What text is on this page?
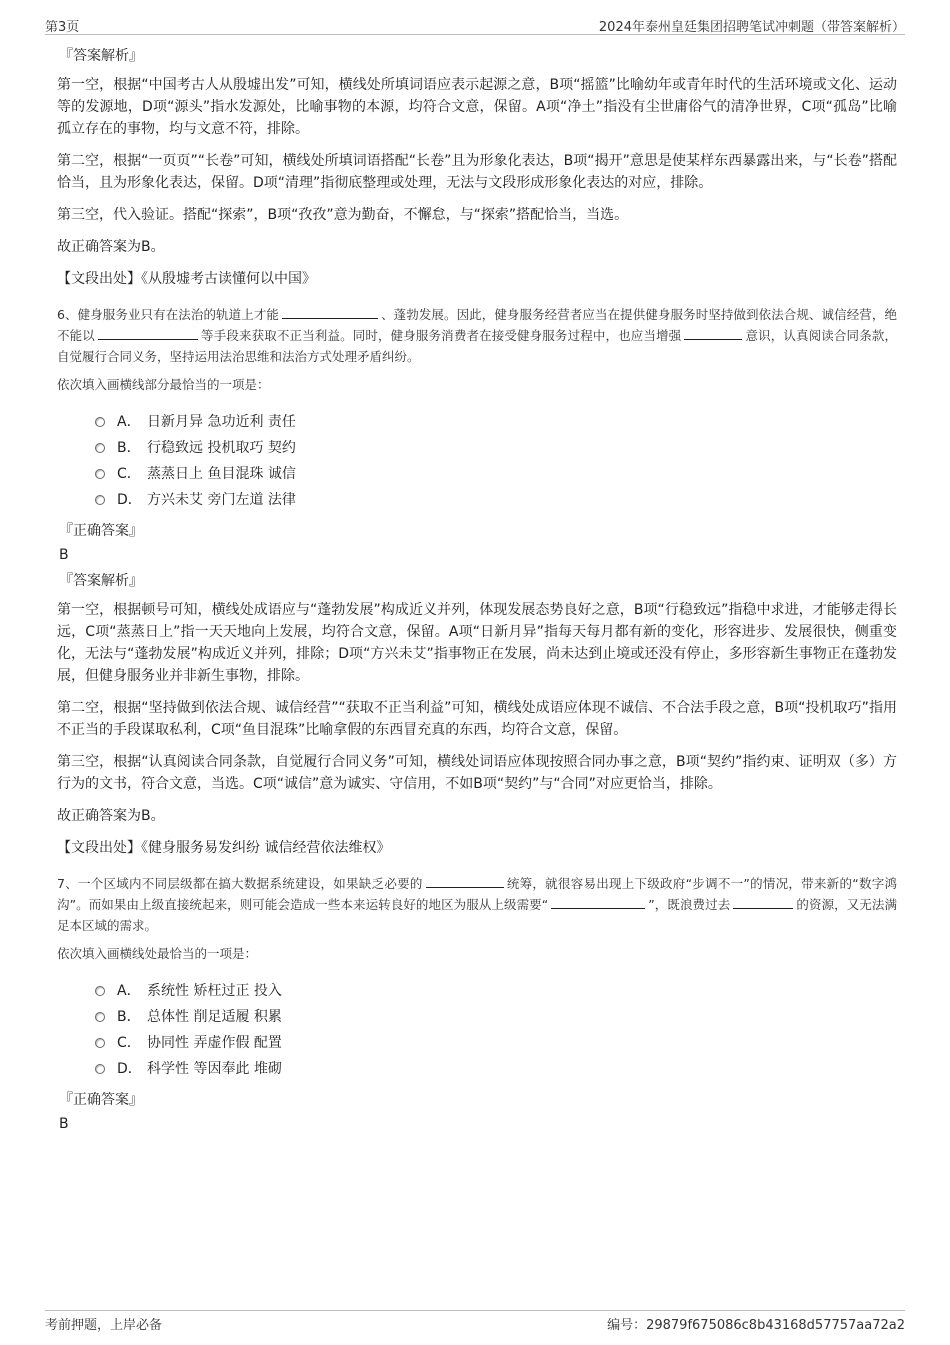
第3页	2024年泰州皇廷集团招聘笔试冲刺题（带答案解析）
『答案解析』

第一空，根据“中国考古人从殷墟出发”可知，横线处所填词语应表示起源之意，B项“摇篮”比喻幼年或青年时代的生活环境或文化、运动等的发源地，D项“源头”指水发源处，比喻事物的本源，均符合文意，保留。A项“净土”指没有尘世庸俗气的清净世界，C项“孤岛”比喻孤立存在的事物，均与文意不符，排除。

第二空，根据“一页页”“长卷”可知，横线处所填词语搭配“长卷”且为形象化表达，B项“揭开”意思是使某样东西暴露出来，与“长卷”搭配恰当，且为形象化表达，保留。D项“清理”指彻底整理或处理，无法与文段形成形象化表达的对应，排除。

第三空，代入验证。搭配“探索”，B项“孜孜”意为勤奋，不懈怠，与“探索”搭配恰当，当选。

故正确答案为B。

【文段出处】《从殷墟考古读懂何以中国》
6、健身服务业只有在法治的轨道上才能	、蓬勃发展。因此，健身服务经营者应当在提供健身服务时坚持做到依法合规、诚信经营，绝不能以	等手段来获取不正当利益。同时，健身服务消费者在接受健身服务过程中，也应当增强	意识，认真阅读合同条款，自觉履行合同义务，坚持运用法治思维和法治方式处理矛盾纠纷。
依次填入画横线部分最恰当的一项是：
A． 日新月异 急功近利 责任
B． 行稳致远 投机取巧 契约
C． 蒸蒸日上 鱼目混珠 诚信
D． 方兴未艾 旁门左道 法律
『正确答案』
B
『答案解析』

第一空，根据顿号可知，横线处成语应与“蓬勃发展”构成近义并列，体现发展态势良好之意，B项“行稳致远”指稳中求进，才能够走得长远，C项“蒸蒸日上”指一天天地向上发展，均符合文意，保留。A项“日新月异”指每天每月都有新的变化，形容进步、发展很快，侧重变化，无法与“蓬勃发展”构成近义并列，排除；D项“方兴未艾”指事物正在发展，尚未达到止境或还没有停止，多形容新生事物正在蓬勃发展，但健身服务业并非新生事物，排除。

第二空，根据“坚持做到依法合规、诚信经营”“获取不正当利益”可知，横线处成语应体现不诚信、不合法手段之意，B项“投机取巧”指用不正当的手段谋取私利，C项“鱼目混珠”比喻拿假的东西冒充真的东西，均符合文意，保留。

第三空，根据“认真阅读合同条款，自觉履行合同义务”可知，横线处词语应体现按照合同办事之意，B项“契约”指约束、证明双（多）方行为的文书，符合文意，当选。C项“诚信”意为诚实、守信用，不如B项“契约”与“合同”对应更恰当，排除。

故正确答案为B。

【文段出处】《健身服务易发纠纷 诚信经营依法维权》
7、一个区域内不同层级都在搞大数据系统建设，如果缺乏必要的	统筹，就很容易出现上下级政府“步调不一”的情况，带来新的“数字鸿沟”。而如果由上级直接统起来，则可能会造成一些本来运转良好的地区为服从上级需要“	”，既浪费过去	的资源，又无法满足本区域的需求。
依次填入画横线处最恰当的一项是：
A． 系统性 矫枉过正 投入
B． 总体性 削足适履 积累
C． 协同性 弄虚作假 配置
D． 科学性 等因奉此 堆砌
『正确答案』
B
考前押题，上岸必备	编号：29879f675086c8b43168d57757aa72a2
